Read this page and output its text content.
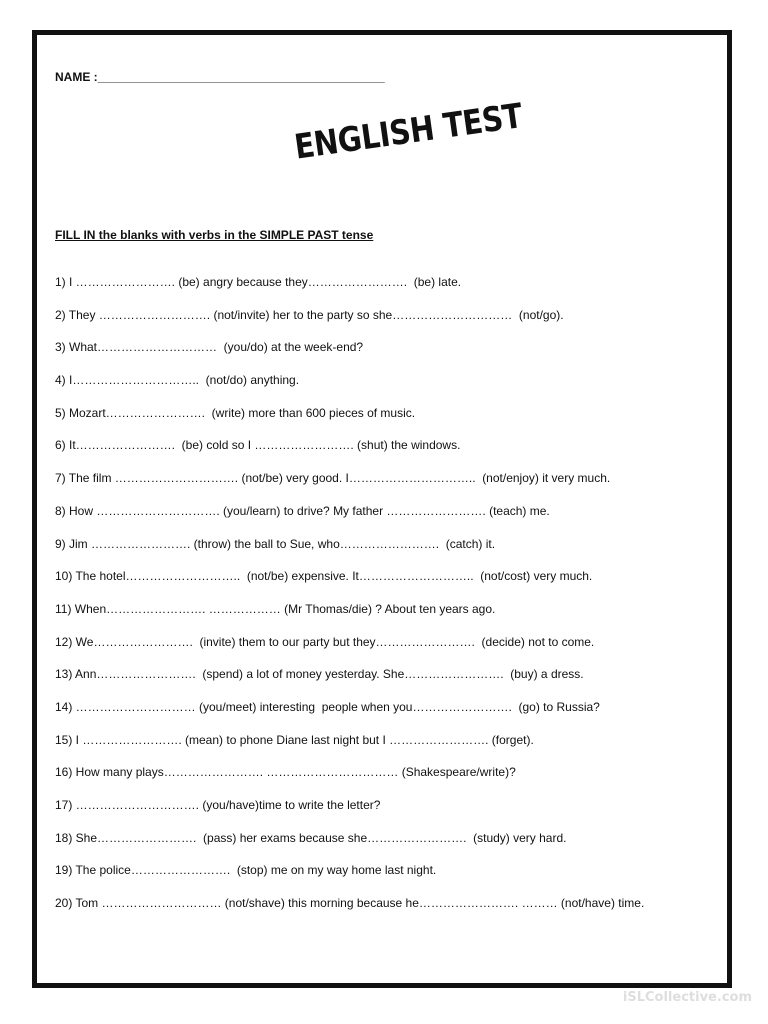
NAME :___________________________________________
ENGLISH TEST
FILL IN the blanks with verbs in the SIMPLE PAST tense
1) I ……………………. (be) angry because they…………………….  (be) late.
2) They ………………………. (not/invite) her to the party so she…………………………  (not/go).
3) What…………………………  (you/do) at the week-end?
4) I…………………………..  (not/do) anything.
5) Mozart…………………….  (write) more than 600 pieces of music.
6) It…………………….  (be) cold so I ……………………. (shut) the windows.
7) The film …………………………. (not/be) very good. I…………………………..  (not/enjoy) it very much.
8) How …………………………. (you/learn) to drive? My father ……………………. (teach) me.
9) Jim ……………………. (throw) the ball to Sue, who…………………….  (catch) it.
10) The hotel………………………..  (not/be) expensive. It………………………..  (not/cost) very much.
11) When……………………. ……………… (Mr Thomas/die) ? About ten years ago.
12) We…………………….  (invite) them to our party but they…………………….  (decide) not to come.
13) Ann…………………….  (spend) a lot of money yesterday. She…………………….  (buy) a dress.
14) ………………………… (you/meet) interesting  people when you…………………….  (go) to Russia?
15) I ……………………. (mean) to phone Diane last night but I ……………………. (forget).
16) How many plays……………………. …………………………… (Shakespeare/write)?
17) …………………………. (you/have)time to write the letter?
18) She…………………….  (pass) her exams because she…………………….  (study) very hard.
19) The police…………………….  (stop) me on my way home last night.
20) Tom ………………………… (not/shave) this morning because he……………………. ……… (not/have) time.
iSLCollective.com
